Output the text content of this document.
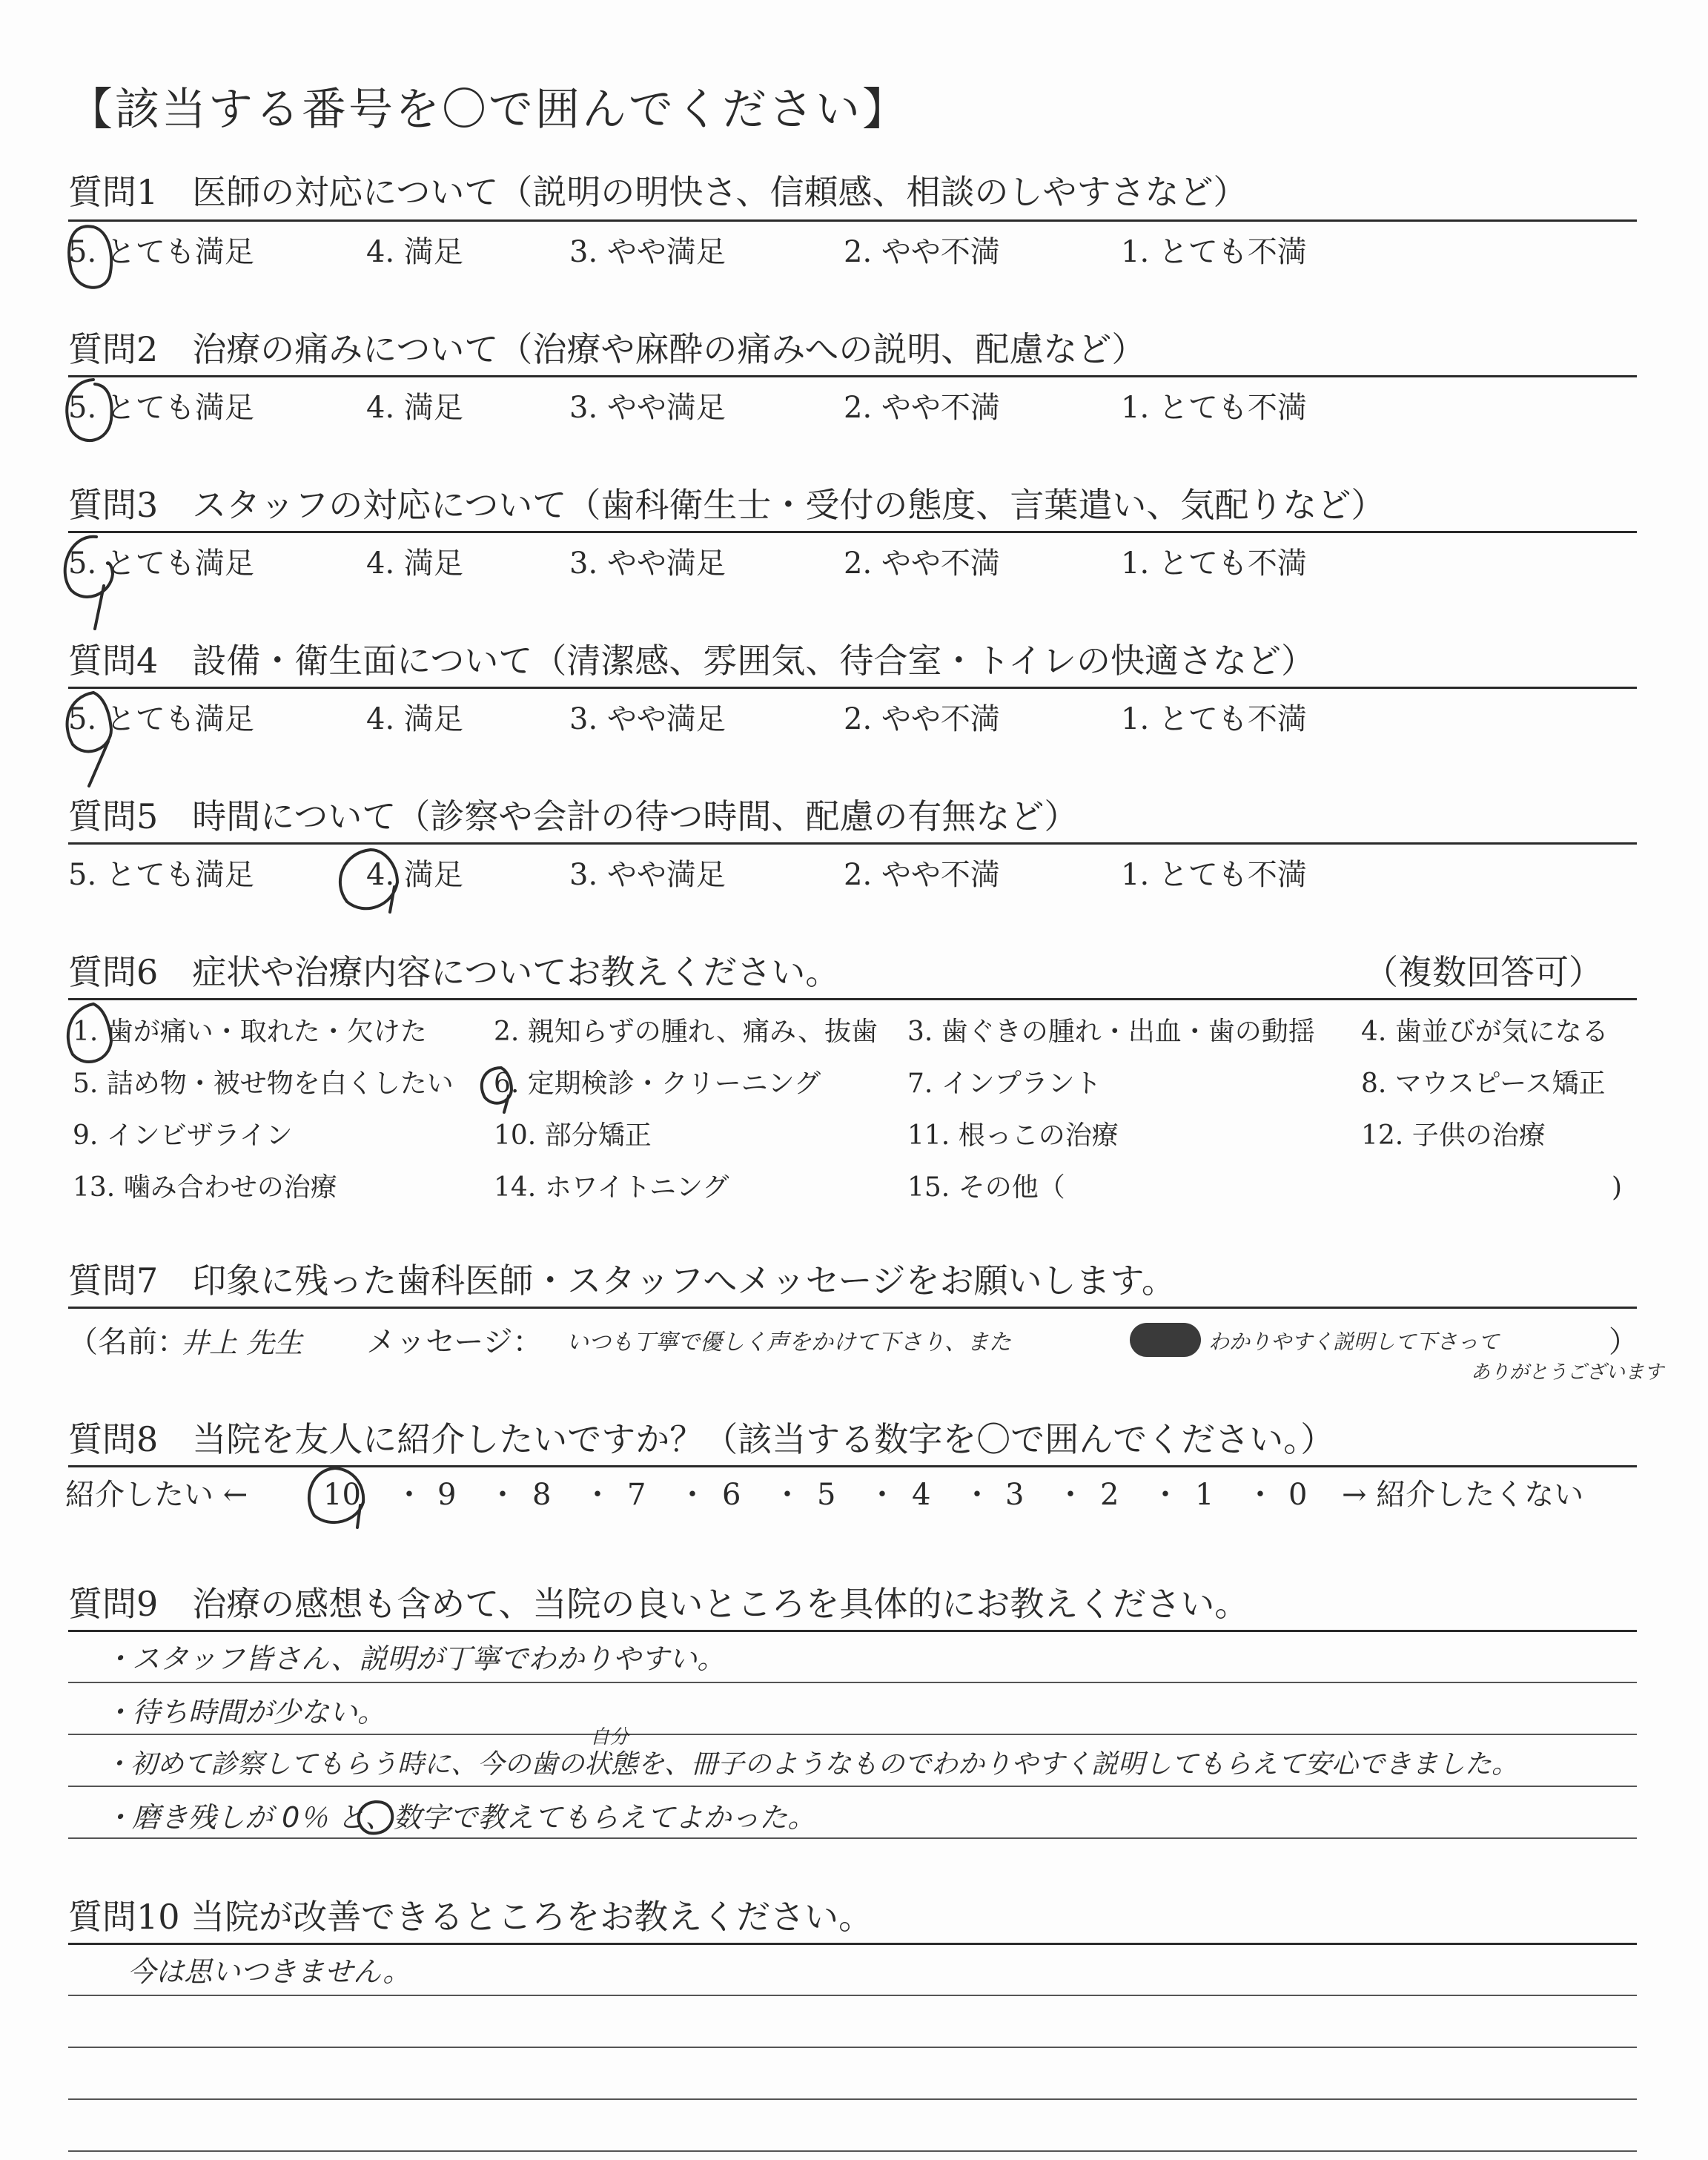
【該当する番号を〇で囲んでください】
質問1　医師の対応について（説明の明快さ、信頼感、相談のしやすさなど）
5. とても満足	4. 満足	3. やや満足	2. やや不満	1. とても不満
質問2　治療の痛みについて（治療や麻酔の痛みへの説明、配慮など）
5. とても満足	4. 満足	3. やや満足	2. やや不満	1. とても不満
質問3　スタッフの対応について（歯科衛生士・受付の態度、言葉遣い、気配りなど）
5. とても満足	4. 満足	3. やや満足	2. やや不満	1. とても不満
質問4　設備・衛生面について（清潔感、雰囲気、待合室・トイレの快適さなど）
5. とても満足	4. 満足	3. やや満足	2. やや不満	1. とても不満
質問5　時間について（診察や会計の待つ時間、配慮の有無など）
5. とても満足	4. 満足	3. やや満足	2. やや不満	1. とても不満
質問6　症状や治療内容についてお教えください。	（複数回答可）
1. 歯が痛い・取れた・欠けた	2. 親知らずの腫れ、痛み、抜歯 3. 歯ぐきの腫れ・出血・歯の動揺 4. 歯並びが気になる
5. 詰め物・被せ物を白くしたい 6. 定期検診・クリーニング	7. インプラント	8. マウスピース矯正
9. インビザライン	10. 部分矯正	11. 根っこの治療	12. 子供の治療
13. 噛み合わせの治療	14. ホワイトニング	15. その他（	)
質問7　印象に残った歯科医師・スタッフへメッセージをお願いします。
（名前：
井上 先生 メッセージ： いつも丁寧で優しく声をかけて下さり、また	わかりやすく説明して下さって
ありがとうございます
）
質問8　当院を友人に紹介したいですか？（該当する数字を〇で囲んでください。）
紹介したい ←	10 ・ 9 ・ 8 ・ 7 ・ 6 ・ 5 ・ 4 ・ 3 ・ 2 ・ 1 ・ 0 → 紹介したくない
質問9　治療の感想も含めて、当院の良いところを具体的にお教えください。
・スタッフ皆さん、説明が丁寧でわかりやすい。
・待ち時間が少ない。
自分
・初めて診察してもらう時に、今の歯の状態を、冊子のようなものでわかりやすく説明してもらえて安心できました。
・磨き残しが 0％ と、数字で教えてもらえてよかった。
質問10 当院が改善できるところをお教えください。
今は思いつきません。
